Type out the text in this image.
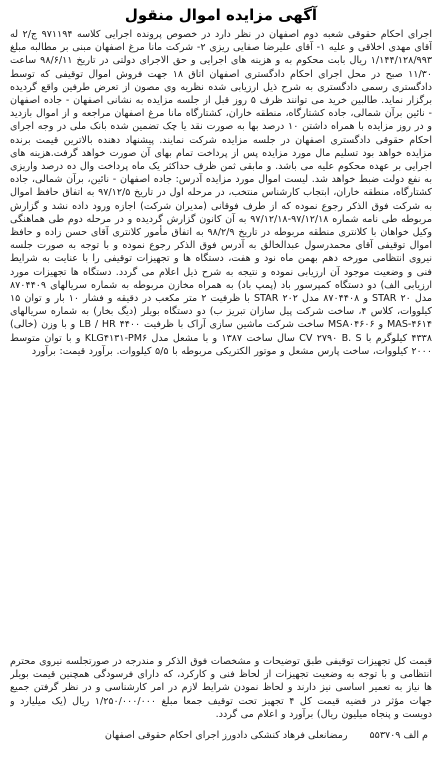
آگهی مزایده اموال منقول

اجرای احکام حقوقی شعبه دوم اصفهان در نظر دارد در خصوص پرونده اجرایی کلاسه ۹۷۱۱۹۴ ج/۲ له آقای مهدی اخلاقی و علیه ۱- آقای علیرضا صفایی ریزی ۲- شرکت مانا مرغ اصفهان مبنی بر مطالبه مبلغ ۱/۱۴۴/۱۲۸/۹۹۳ ریال بابت محکوم به و هزینه های اجرایی و حق الاجرای دولتی در تاریخ ۹۸/۶/۱۱ ساعت ۱۱/۳۰ صبح در محل اجرای احکام دادگستری اصفهان اتاق ۱۸ جهت فروش اموال توقیفی که توسط دادگستری رسمی دادگستری به شرح ذیل ارزیابی شده نظریه وی مصون از تعرض طرفین واقع گردیده برگزار نماید. طالبین خرید می توانند ظرف ۵ روز قبل از جلسه مزایده به نشانی اصفهان - جاده اصفهان - نائین برآن شمالی، جاده کشتارگاه، منطقه خاران، کشتارگاه مانا مرغ اصفهان مراجعه و از اموال بازدید و در روز مزایده با همراه داشتن ۱۰ درصد بها به صورت نقد یا چک تضمین شده بانک ملی در وجه اجرای احکام حقوقی دادگستری اصفهان در جلسه مزایده شرکت نمایند. پیشنهاد دهنده بالاترین قیمت برنده مزایده خواهد بود تسلیم مال مورد مزایده پس از پرداخت تمام بهای آن صورت خواهد گرفت.هزینه های اجرایی بر عهده محکوم علیه می باشد. و مابقی ثمن ظرف حداکثر یک ماه پرداخت وال ده درصد واریزی به نفع دولت ضبط خواهد شد. لیست اموال مورد مزایده آدرس: جاده اصفهان - نائین، برآن شمالی، جاده کشتارگاه، منطقه خاران، ابتجاب کارشناس منتخب، در مرحله اول در تاریخ ۹۷/۱۲/۵ به اتفاق حافظ اموال به شرکت فوق الذکر رجوع نموده که از طرف فوقانی (مدیران شرکت) اجازه ورود داده نشد و گزارش مربوطه طی نامه شماره ۹۷/۱۲/۱۸-۹۷/۱۲/۱۸ به آن کانون گزارش گردیده و در مرحله دوم طی هماهنگی وکیل خواهان با کلانتری منطقه مربوطه در تاریخ ۹۸/۲/۹ به اتفاق مأمور کلانتری آقای حسن زاده و حافظ اموال توقیفی آقای محمدرسول عبدالخالق به آدرس فوق الذکر رجوع نموده و با توجه به صورت جلسه نیروی انتظامی مورخه دهم بهمن ماه نود و هفت، دستگاه ها و تجهیزات توقیفی را با عنایت به شرایط فنی و وضعیت موجود آن ارزیابی نموده و نتیجه به شرح ذیل اعلام می گردد. دستگاه ها تجهیزات مورد ارزیابی الف) دو دستگاه کمپرسور باد (پمپ باد) به همراه مخازن مربوطه به شماره سریالهای ۸۷۰۴۴۰۹ مدل STAR ۲۰ و ۸۷۰۴۴۰۸ مدل STAR ۲۰۲ با ظرفیت ۲ متر مکعب در دقیقه و فشار ۱۰ بار و توان ۱۵ کیلووات، کلاس ۴، ساخت شرکت پیل سازان تبریز ب) دو دستگاه بویلر (دیگ بخار) به شماره سریالهای MAS-۴۶۱۴ و MSA۰۴۶۰۶ ساخت شرکت ماشین سازی آراک با ظرفیت LB / HR ۴۴۰۰ و با وزن (خالی) ۴۳۳۸ کیلوگرم با CV ۲۷۹۰ B. S سال ساخت ۱۳۸۷ و با مشعل مدل KLG۴۱۳۱-PM۶ و با توان متوسط ۲۰۰۰ کیلووات، ساخت پارس مشعل و موتور الکتریکی مربوطه با ۵/۵ کیلووات. برآورد قیمت: برآورد

قیمت کل تجهیزات توقیفی طبق توضیحات و مشخصات فوق الذکر و مندرجه در صورتجلسه نیروی محترم انتظامی و با توجه به وضعیت تجهیزات از لحاظ فنی و کارکرد، که دارای فرسودگی همچنین قیمت بویلر ها نیاز به تعمیر اساسی نیز دارند و لحاظ نمودن شرایط لازم در امر کارشناسی و در نظر گرفتن جمیع جهات مؤثر در قضیه قیمت کل ۴ تجهیز تحت توقیف جمعا مبلغ ۱/۲۵۰/۰۰۰/۰۰۰ ریال (یک میلیارد و دویست و پنجاه میلیون ریال) برآورد و اعلام می گردد.

م الف ۵۵۳۷۰۹
رمضانعلی فرهاد کنشکی دادورز اجرای احکام حقوقی اصفهان
